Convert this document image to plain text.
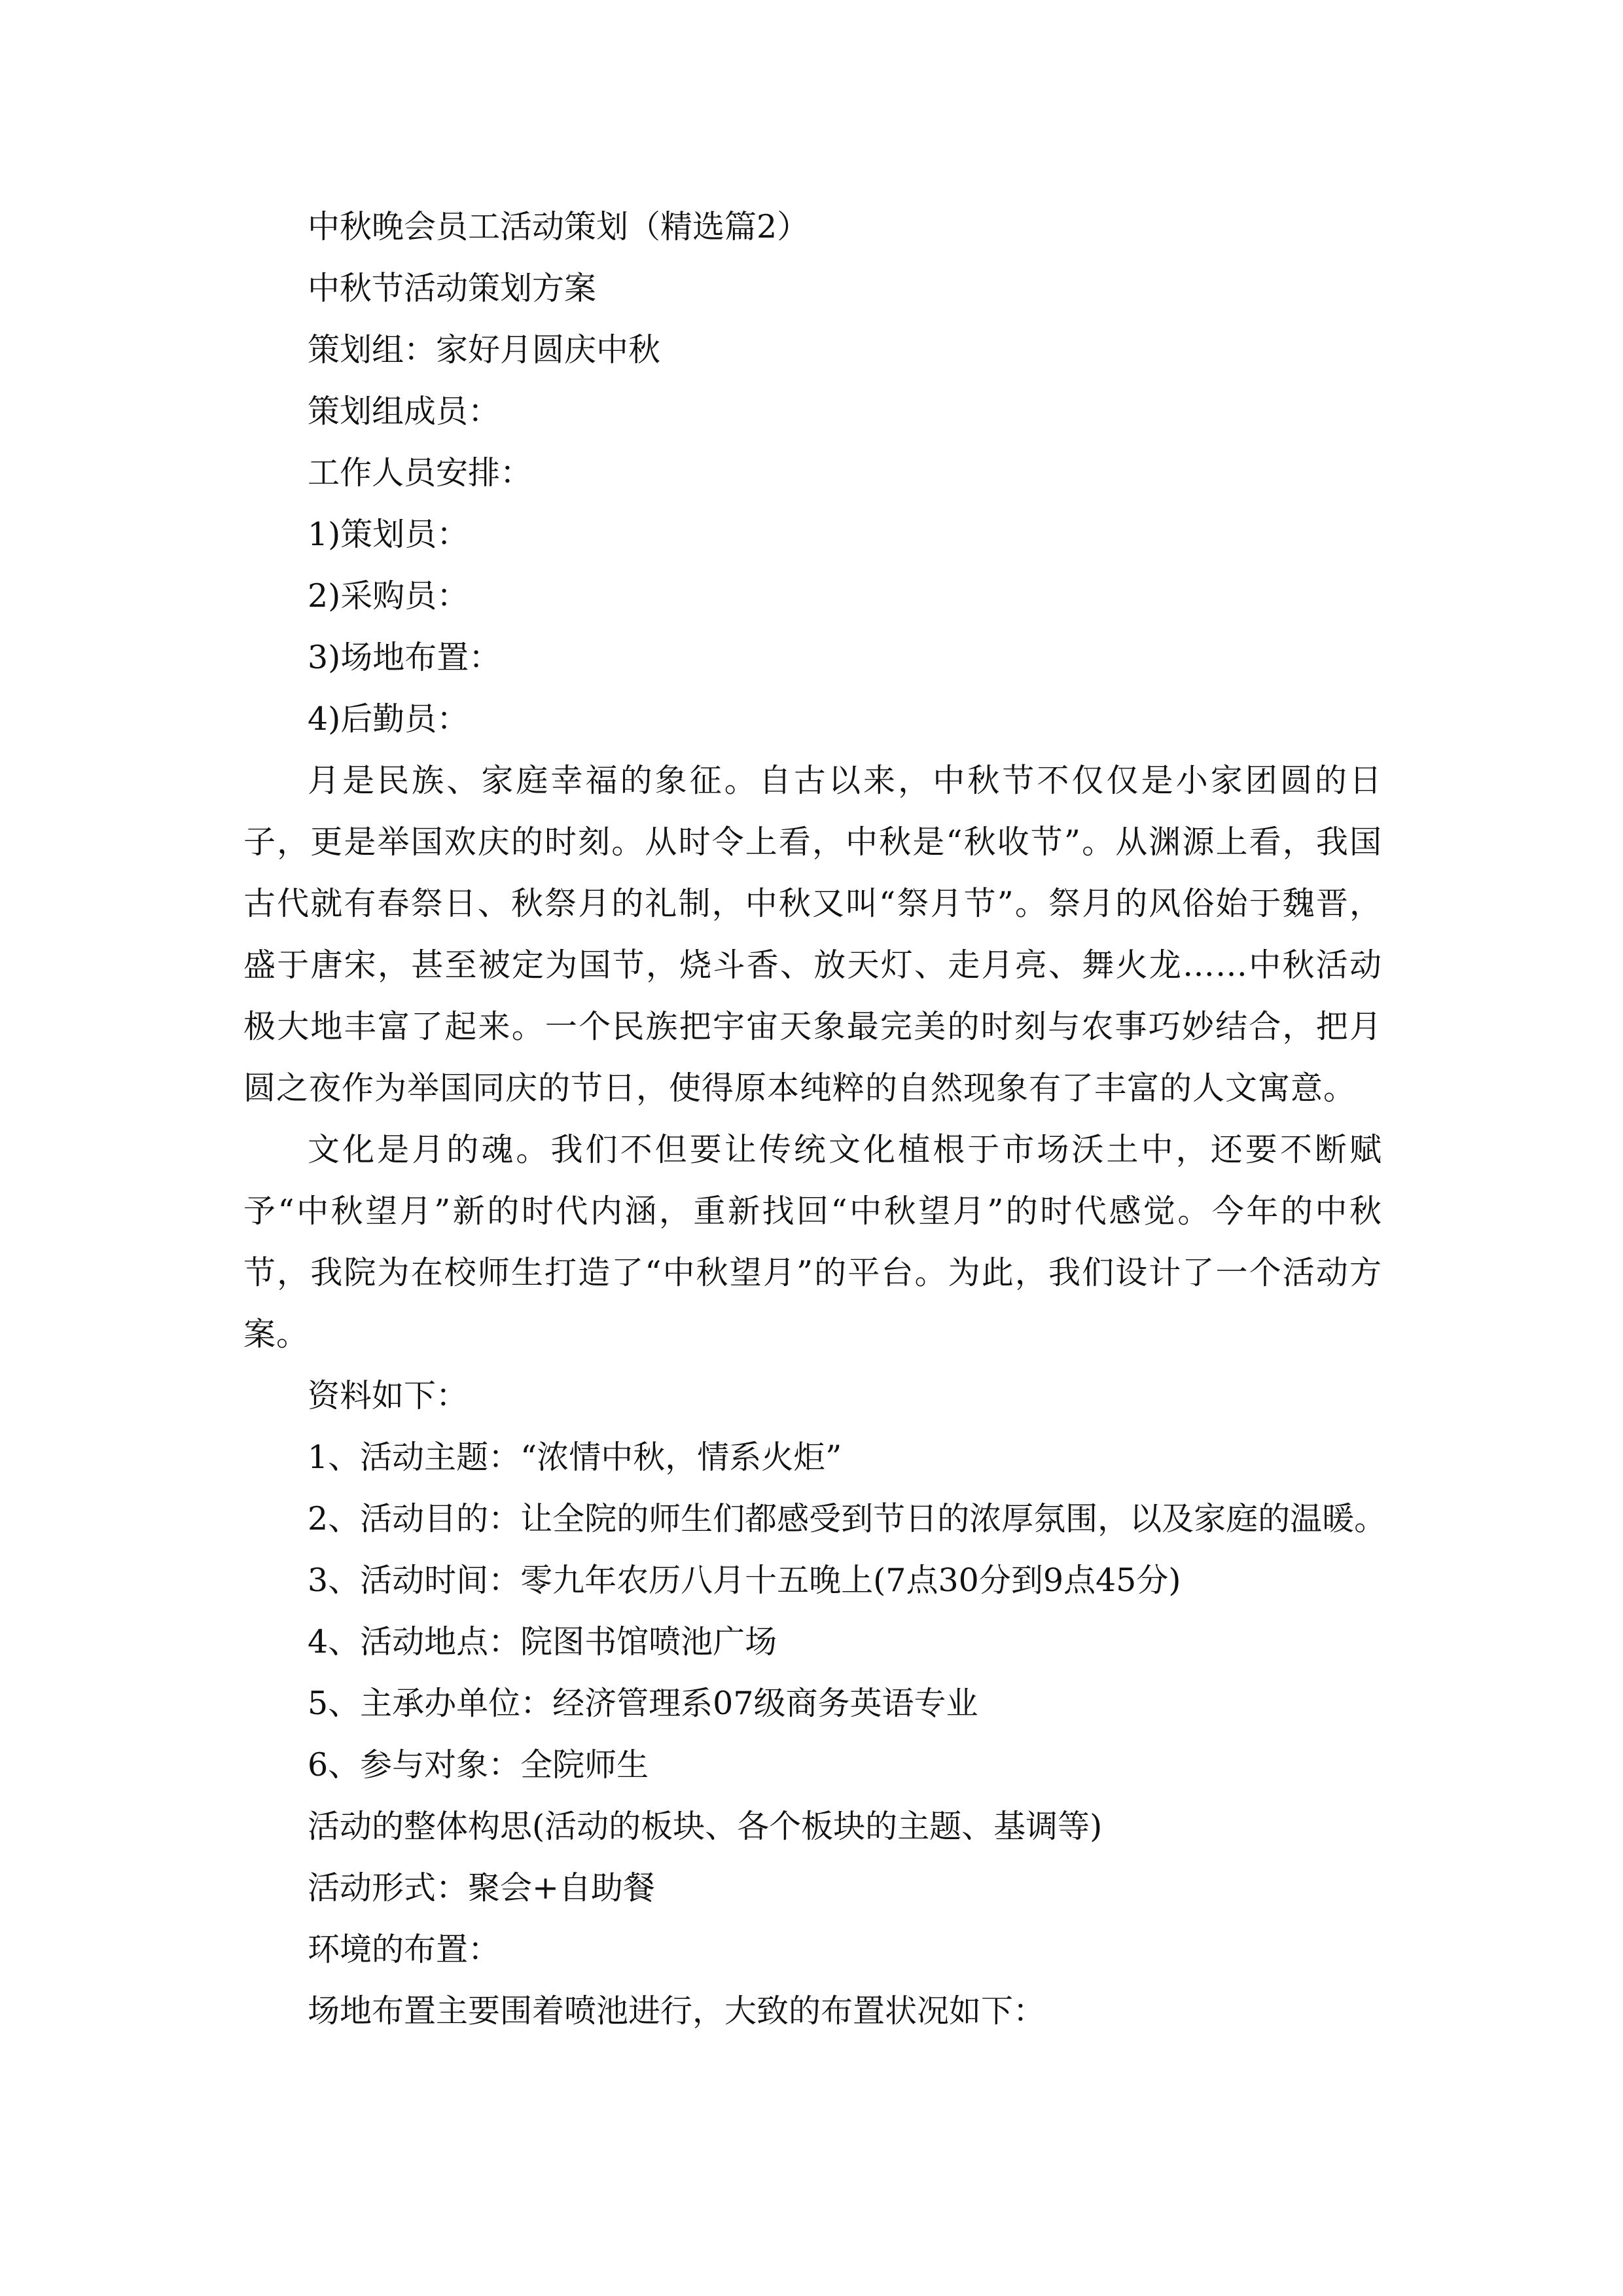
中秋晚会员工活动策划（精选篇2）
中秋节活动策划方案
策划组：家好月圆庆中秋
策划组成员：
工作人员安排：
1)策划员：
2)采购员：
3)场地布置：
4)后勤员：
月是民族、家庭幸福的象征。自古以来，中秋节不仅仅是小家团圆的日子，更是举国欢庆的时刻。从时令上看，中秋是“秋收节”。从渊源上看，我国古代就有春祭日、秋祭月的礼制，中秋又叫“祭月节”。祭月的风俗始于魏晋，盛于唐宋，甚至被定为国节，烧斗香、放天灯、走月亮、舞火龙……中秋活动极大地丰富了起来。一个民族把宇宙天象最完美的时刻与农事巧妙结合，把月圆之夜作为举国同庆的节日，使得原本纯粹的自然现象有了丰富的人文寓意。
文化是月的魂。我们不但要让传统文化植根于市场沃土中，还要不断赋予“中秋望月”新的时代内涵，重新找回“中秋望月”的时代感觉。今年的中秋节，我院为在校师生打造了“中秋望月”的平台。为此，我们设计了一个活动方案。
资料如下：
1、活动主题：“浓情中秋，情系火炬”
2、活动目的：让全院的师生们都感受到节日的浓厚氛围，以及家庭的温暖。
3、活动时间：零九年农历八月十五晚上(7点30分到9点45分)
4、活动地点：院图书馆喷池广场
5、主承办单位：经济管理系07级商务英语专业
6、参与对象：全院师生
活动的整体构思(活动的板块、各个板块的主题、基调等)
活动形式：聚会+自助餐
环境的布置：
场地布置主要围着喷池进行，大致的布置状况如下：
